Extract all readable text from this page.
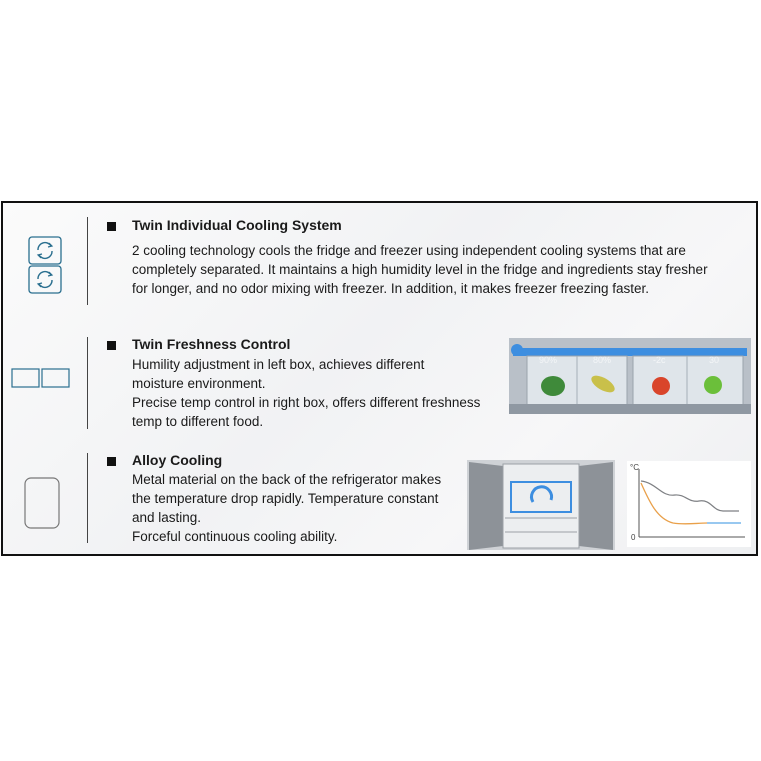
Twin Individual Cooling System

2 cooling technology cools the fridge and freezer using independent cooling systems that are

completely separated. It maintains a high humidity level in the fridge and ingredients stay fresher

for longer, and no odor mixing with freezer. In addition, it makes freezer freezing faster.

Twin Freshness Control

Humility adjustment in left box, achieves different

moisture environment.

Precise temp control in right box, offers different freshness

temp to different food.

90%	80%	-2c	30
Alloy Cooling

Metal material on the back of the refrigerator makes

the temperature drop rapidly. Temperature constant

and lasting.

Forceful continuous cooling ability.

°C
0
